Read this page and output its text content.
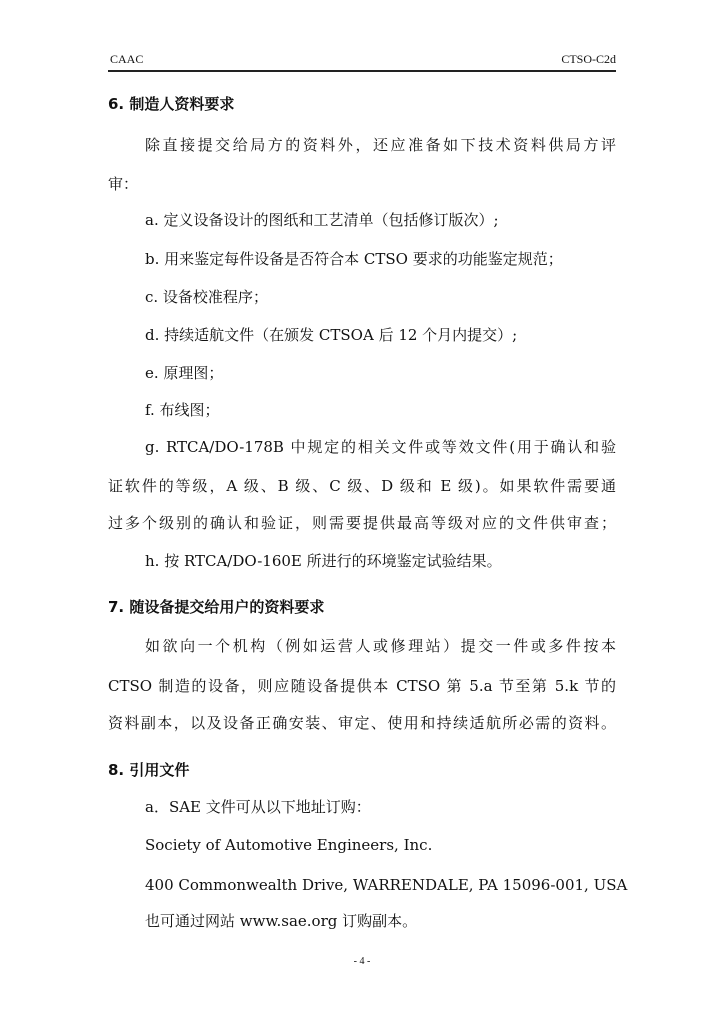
CAAC	CTSO-C2d
6. 制造人资料要求
除直接提交给局方的资料外，还应准备如下技术资料供局方评
审：
a. 定义设备设计的图纸和工艺清单（包括修订版次）;
b. 用来鉴定每件设备是否符合本 CTSO 要求的功能鉴定规范；
c. 设备校准程序；
d. 持续适航文件（在颁发 CTSOA 后 12 个月内提交）;
e. 原理图；
f. 布线图；
g. RTCA/DO-178B 中规定的相关文件或等效文件(用于确认和验
证软件的等级，A 级、B 级、C 级、D 级和 E 级)。如果软件需要通
过多个级别的确认和验证，则需要提供最高等级对应的文件供审查；
h. 按 RTCA/DO-160E 所进行的环境鉴定试验结果。
7. 随设备提交给用户的资料要求
如欲向一个机构（例如运营人或修理站）提交一件或多件按本
CTSO 制造的设备，则应随设备提供本 CTSO 第 5.a 节至第 5.k 节的
资料副本，以及设备正确安装、审定、使用和持续适航所必需的资料。
8. 引用文件
a．SAE 文件可从以下地址订购：
Society of Automotive Engineers, Inc.
400 Commonwealth Drive, WARRENDALE, PA 15096-001, USA
也可通过网站 www.sae.org 订购副本。
- 4 -
